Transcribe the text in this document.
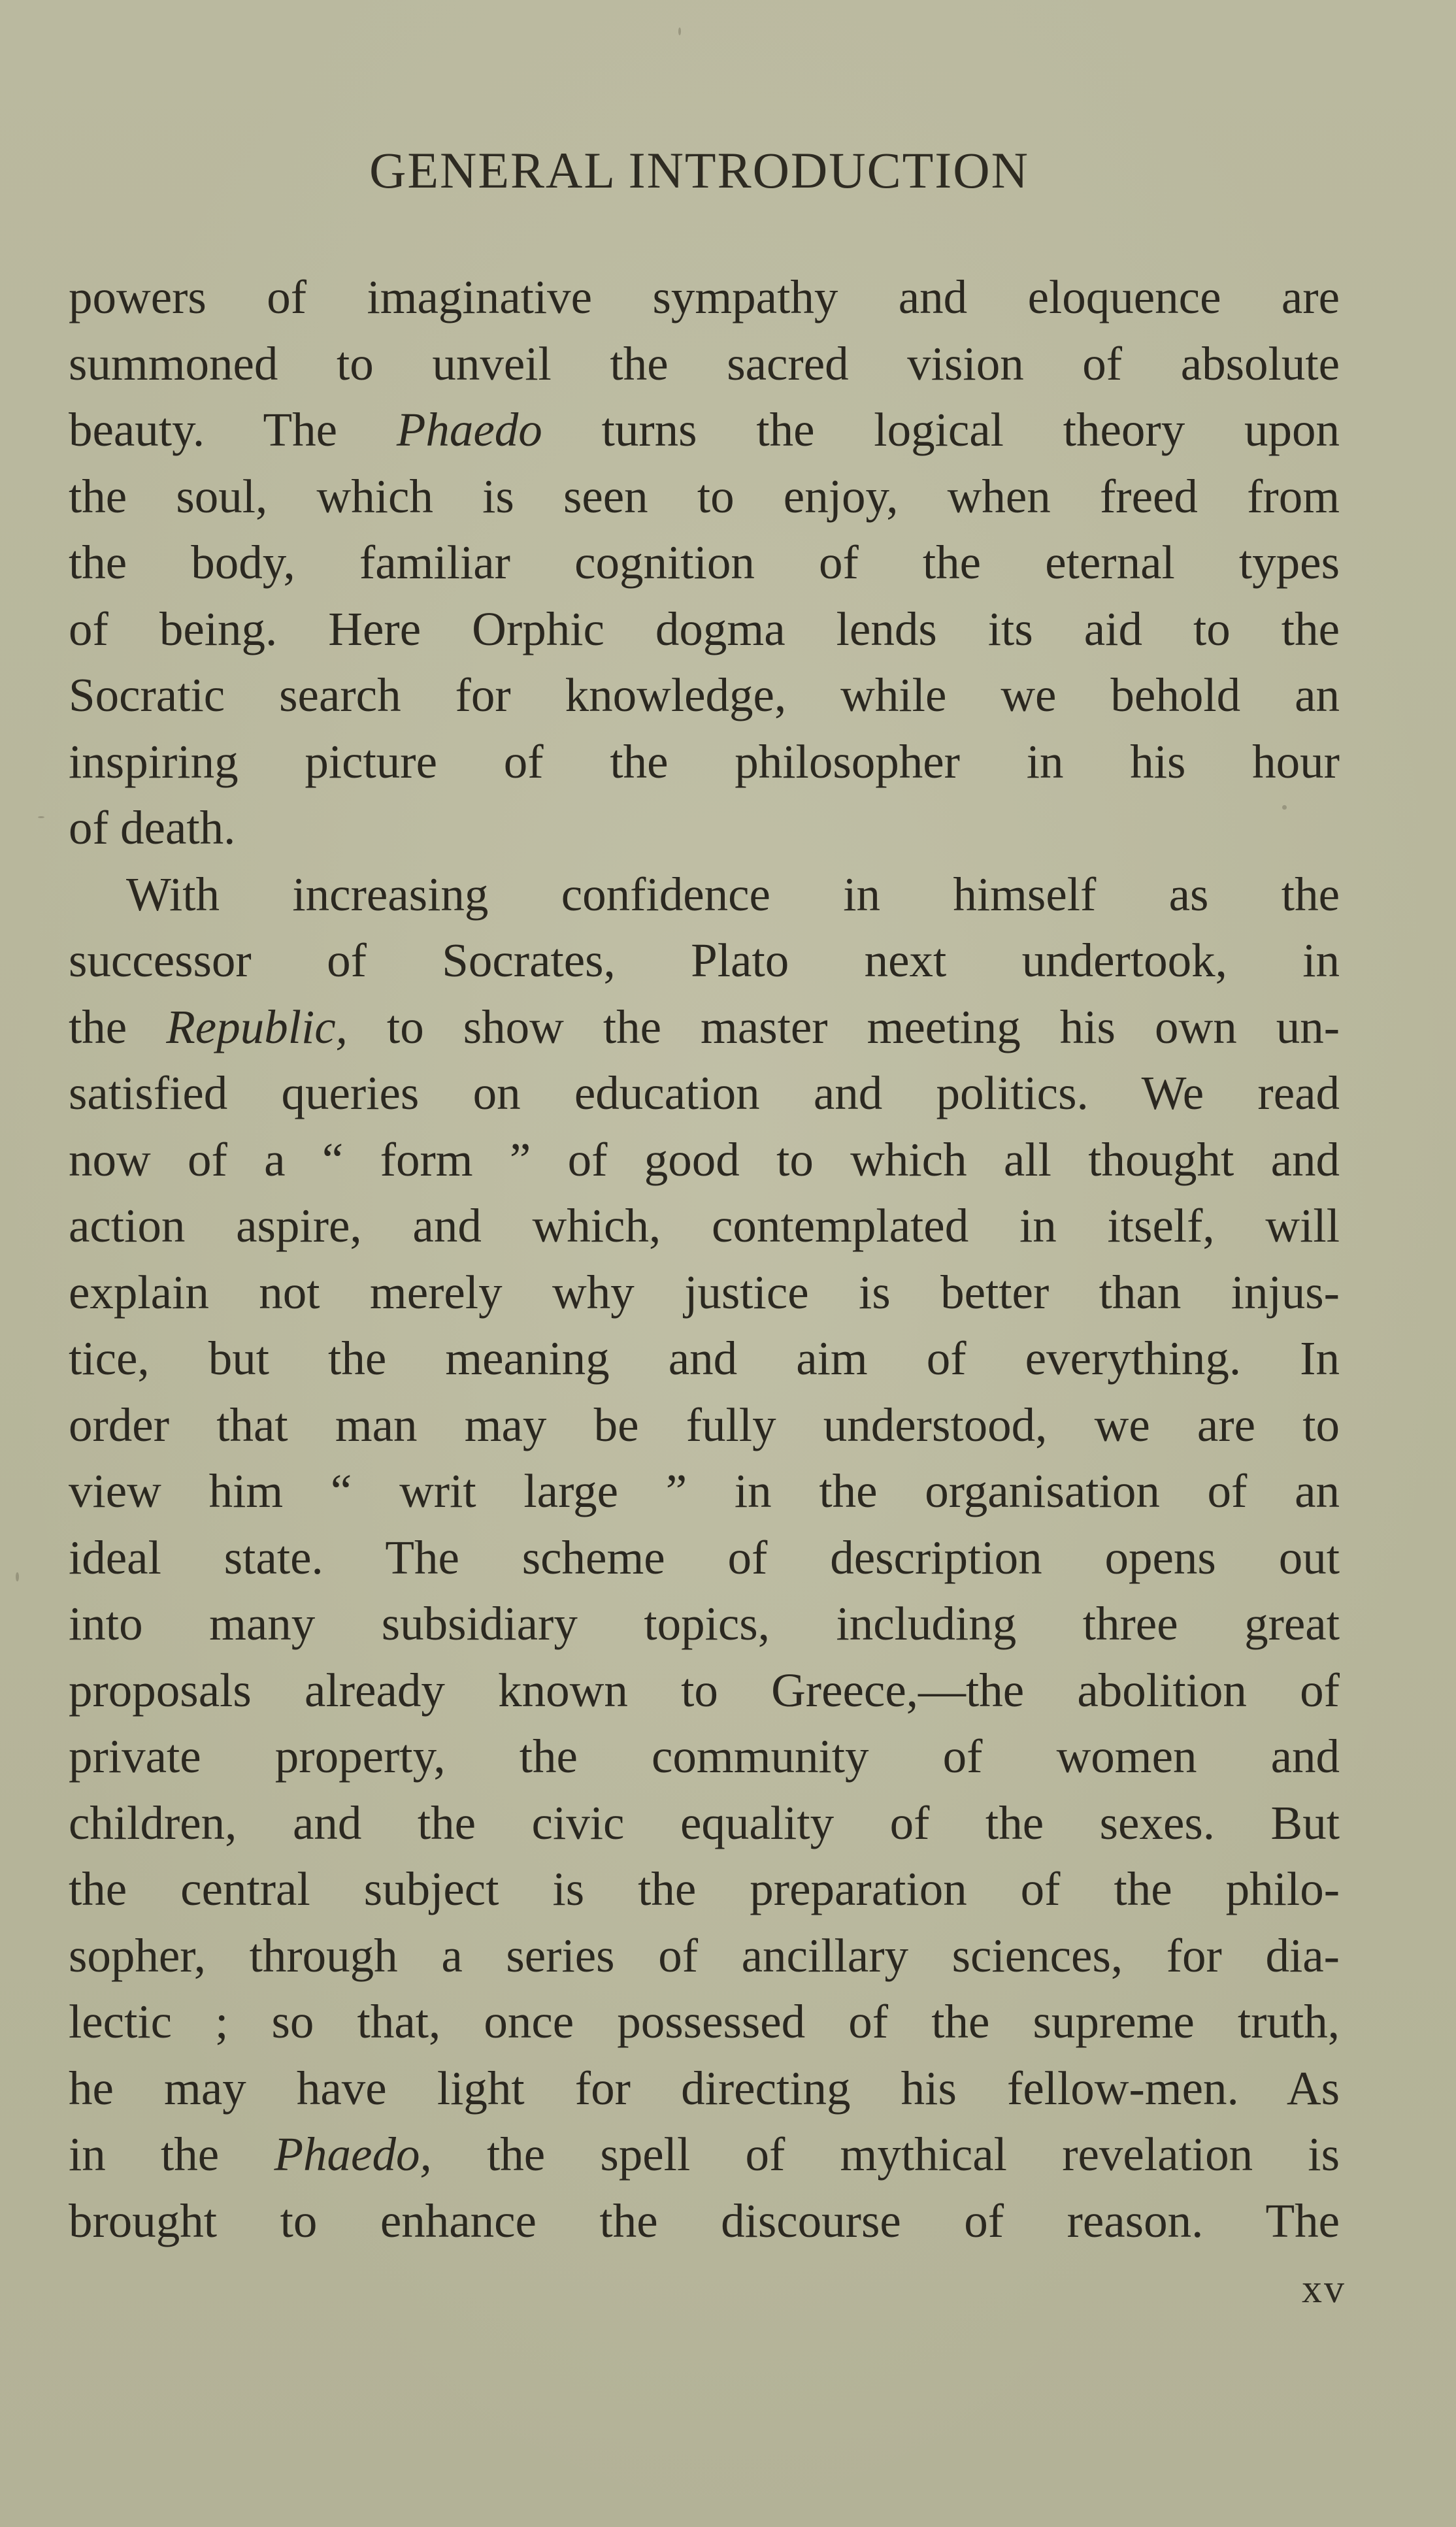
GENERAL INTRODUCTION
powers of imaginative sympathy and eloquence are
summoned to unveil the sacred vision of absolute
beauty. The Phaedo turns the logical theory upon
the soul, which is seen to enjoy, when freed from
the body, familiar cognition of the eternal types
of being. Here Orphic dogma lends its aid to the
Socratic search for knowledge, while we behold an
inspiring picture of the philosopher in his hour
of death.
With increasing confidence in himself as the
successor of Socrates, Plato next undertook, in
the Republic, to show the master meeting his own un-
satisfied queries on education and politics. We read
now of a “ form ” of good to which all thought and
action aspire, and which, contemplated in itself, will
explain not merely why justice is better than injus-
tice, but the meaning and aim of everything. In
order that man may be fully understood, we are to
view him “ writ large ” in the organisation of an
ideal state. The scheme of description opens out
into many subsidiary topics, including three great
proposals already known to Greece,—the abolition of
private property, the community of women and
children, and the civic equality of the sexes. But
the central subject is the preparation of the philo-
sopher, through a series of ancillary sciences, for dia-
lectic ; so that, once possessed of the supreme truth,
he may have light for directing his fellow-men. As
in the Phaedo, the spell of mythical revelation is
brought to enhance the discourse of reason. The
xv
